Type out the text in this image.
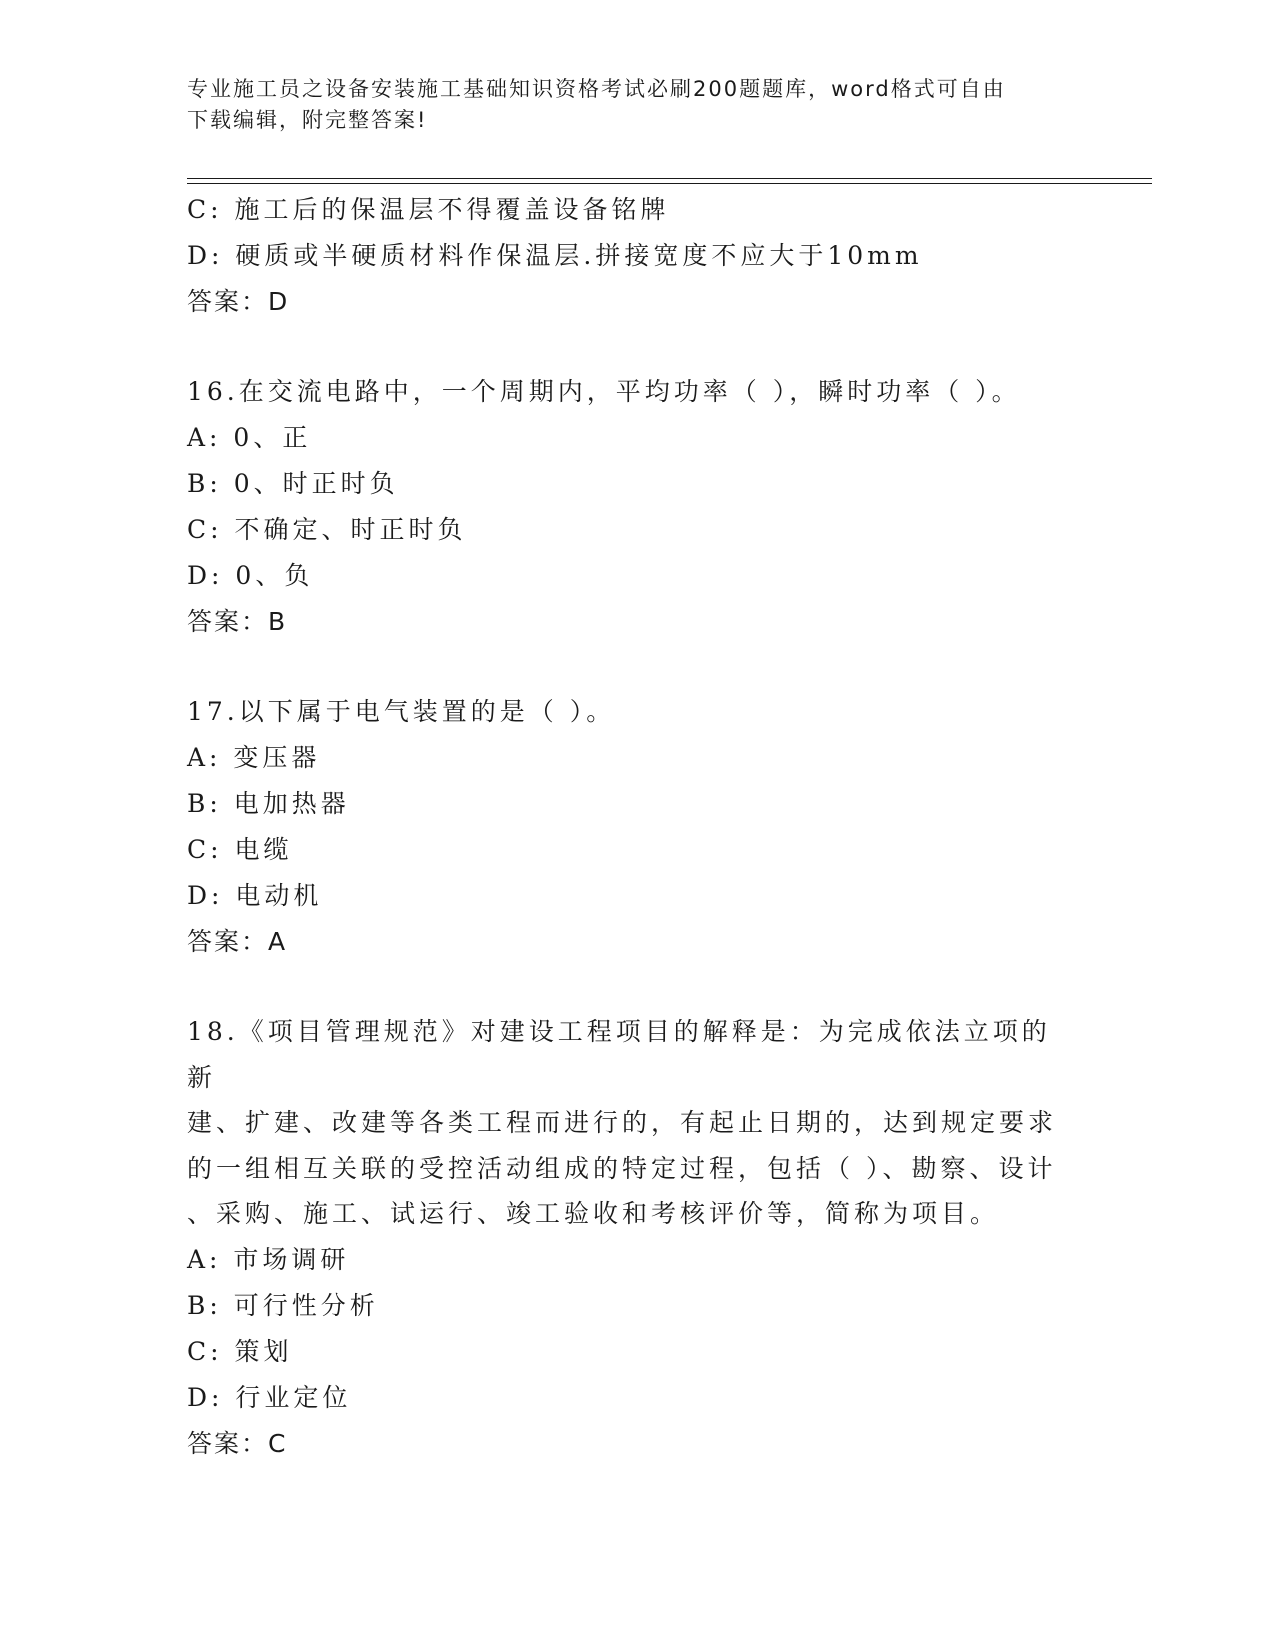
专业施工员之设备安装施工基础知识资格考试必刷200题题库，word格式可自由
下载编辑，附完整答案!
C: 施工后的保温层不得覆盖设备铭牌
D: 硬质或半硬质材料作保温层.拼接宽度不应大于10mm
答案：D
16.在交流电路中，一个周期内，平均功率（ ），瞬时功率（ ）。
A: 0、正
B: 0、时正时负
C: 不确定、时正时负
D: 0、负
答案：B
17.以下属于电气装置的是（ ）。
A: 变压器
B: 电加热器
C: 电缆
D: 电动机
答案：A
18.《项目管理规范》对建设工程项目的解释是：为完成依法立项的新
建、扩建、改建等各类工程而进行的，有起止日期的，达到规定要求
的一组相互关联的受控活动组成的特定过程，包括（ ）、勘察、设计
、采购、施工、试运行、竣工验收和考核评价等，简称为项目。
A: 市场调研
B: 可行性分析
C: 策划
D: 行业定位
答案：C
